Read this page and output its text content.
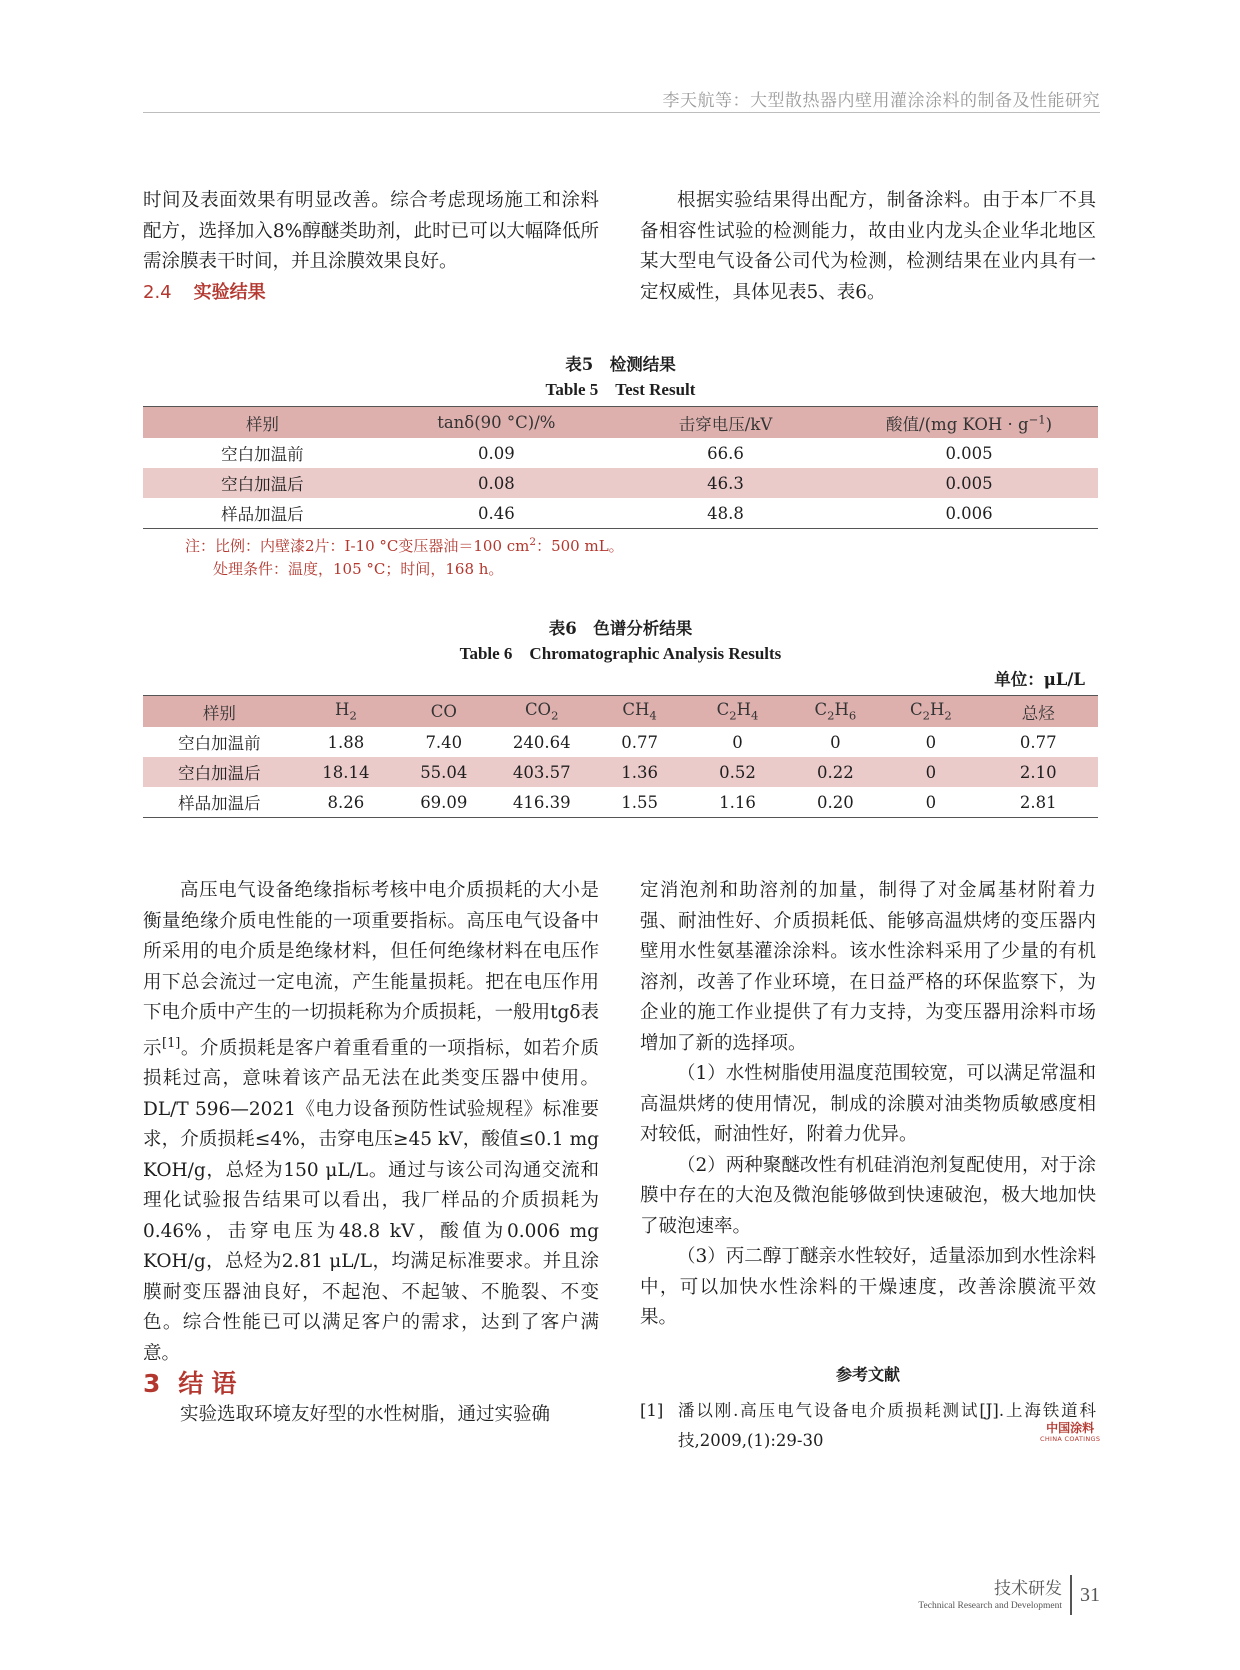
李天航等：大型散热器内壁用灌涂涂料的制备及性能研究

时间及表面效果有明显改善。综合考虑现场施工和涂料配方，选择加入8%醇醚类助剂，此时已可以大幅降低所需涂膜表干时间，并且涂膜效果良好。

2.4 实验结果

根据实验结果得出配方，制备涂料。由于本厂不具备相容性试验的检测能力，故由业内龙头企业华北地区某大型电气设备公司代为检测，检测结果在业内具有一定权威性，具体见表5、表6。

表5　检测结果
Table 5　Test Result
样别	tanδ(90 °C)/%	击穿电压/kV	酸值/(mg KOH · $g^{-1}$)
空白加温前	0.09	66.6	0.005
空白加温后	0.08	46.3	0.005
样品加温后	0.46	48.8	0.006
注：比例：内壁漆2片：I-10 °C变压器油＝100 $cm^2$：500 mL。
处理条件：温度，105 °C；时间，168 h。
表6　色谱分析结果
Table 6　Chromatographic Analysis Results
单位：μL/L
样别	$H_2$	CO	$CO_2$	$CH_4$	$C_2H_4$	$C_2H_6$	$C_2H_2$	总烃
空白加温前	1.88	7.40	240.64	0.77	0	0	0	0.77
空白加温后	18.14	55.04	403.57	1.36	0.52	0.22	0	2.10
样品加温后	8.26	69.09	416.39	1.55	1.16	0.20	0	2.81

高压电气设备绝缘指标考核中电介质损耗的大小是衡量绝缘介质电性能的一项重要指标。高压电气设备中所采用的电介质是绝缘材料，但任何绝缘材料在电压作用下总会流过一定电流，产生能量损耗。把在电压作用下电介质中产生的一切损耗称为介质损耗，一般用tgδ表示[1]。介质损耗是客户着重看重的一项指标，如若介质损耗过高，意味着该产品无法在此类变压器中使用。DL/T 596—2021《电力设备预防性试验规程》标准要求，介质损耗≤4%，击穿电压≥45 kV，酸值≤0.1 mg KOH/g，总烃为150 μL/L。通过与该公司沟通交流和理化试验报告结果可以看出，我厂样品的介质损耗为0.46%，击穿电压为48.8 kV，酸值为0.006 mg KOH/g，总烃为2.81 μL/L，均满足标准要求。并且涂膜耐变压器油良好，不起泡、不起皱、不脆裂、不变色。综合性能已可以满足客户的需求，达到了客户满意。

3 结语

实验选取环境友好型的水性树脂，通过实验确

定消泡剂和助溶剂的加量，制得了对金属基材附着力强、耐油性好、介质损耗低、能够高温烘烤的变压器内壁用水性氨基灌涂涂料。该水性涂料采用了少量的有机溶剂，改善了作业环境，在日益严格的环保监察下，为企业的施工作业提供了有力支持，为变压器用涂料市场增加了新的选择项。

（1）水性树脂使用温度范围较宽，可以满足常温和高温烘烤的使用情况，制成的涂膜对油类物质敏感度相对较低，耐油性好，附着力优异。

（2）两种聚醚改性有机硅消泡剂复配使用，对于涂膜中存在的大泡及微泡能够做到快速破泡，极大地加快了破泡速率。

（3）丙二醇丁醚亲水性较好，适量添加到水性涂料中，可以加快水性涂料的干燥速度，改善涂膜流平效果。

参考文献
[1] 潘以刚.高压电气设备电介质损耗测试[J].上海铁道科技,2009,(1):29-30
中国涂料
CHINA COATINGS
技术研发
Technical Research and Development
31
